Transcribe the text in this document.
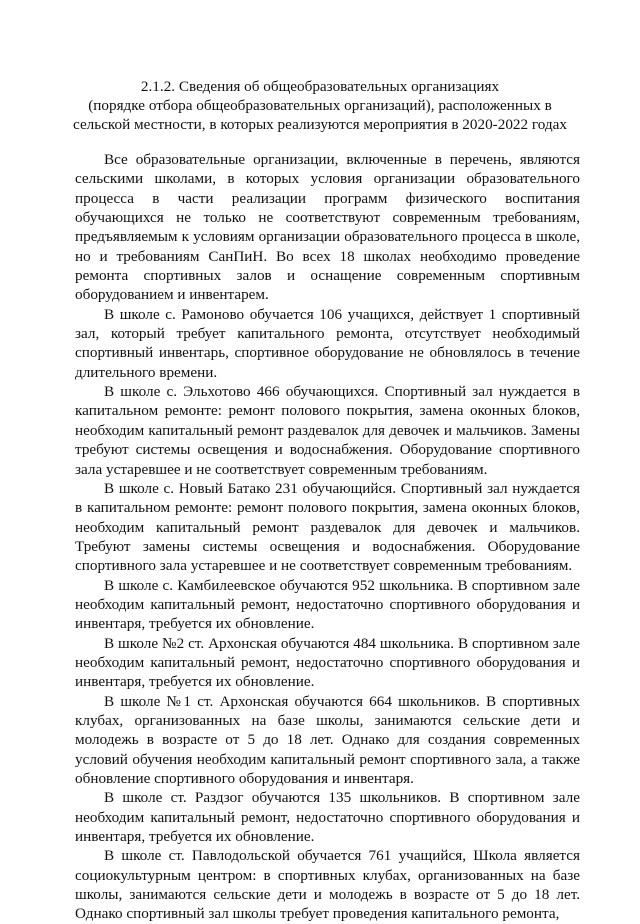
2.1.2. Сведения об общеобразовательных организациях
(порядке отбора общеобразовательных организаций), расположенных в
сельской местности, в которых реализуются мероприятия в 2020-2022 годах

Все образовательные организации, включенные в перечень, являются сельскими школами, в которых условия организации образовательного процесса в части реализации программ физического воспитания обучающихся не только не соответствуют современным требованиям, предъявляемым к условиям организации образовательного процесса в школе, но и требованиям СанПиН. Во всех 18 школах необходимо проведение ремонта спортивных залов и оснащение современным спортивным оборудованием и инвентарем.

В школе с. Рамоново обучается 106 учащихся, действует 1 спортивный зал, который требует капитального ремонта, отсутствует необходимый спортивный инвентарь, спортивное оборудование не обновлялось в течение длительного времени.

В школе с. Эльхотово 466 обучающихся. Спортивный зал нуждается в капитальном ремонте: ремонт полового покрытия, замена оконных блоков, необходим капитальный ремонт раздевалок для девочек и мальчиков. Замены требуют системы освещения и водоснабжения. Оборудование спортивного зала устаревшее и не соответствует современным требованиям.

В школе с. Новый Батако 231 обучающийся. Спортивный зал нуждается в капитальном ремонте: ремонт полового покрытия, замена оконных блоков, необходим капитальный ремонт раздевалок для девочек и мальчиков. Требуют замены системы освещения и водоснабжения. Оборудование спортивного зала устаревшее и не соответствует современным требованиям.

В школе с. Камбилеевское обучаются 952 школьника. В спортивном зале необходим капитальный ремонт, недостаточно спортивного оборудования и инвентаря, требуется их обновление.

В школе №2 ст. Архонская обучаются 484 школьника. В спортивном зале необходим капитальный ремонт, недостаточно спортивного оборудования и инвентаря, требуется их обновление.

В школе №1 ст. Архонская обучаются 664 школьников. В спортивных клубах, организованных на базе школы, занимаются сельские дети и молодежь в возрасте от 5 до 18 лет. Однако для создания современных условий обучения необходим капитальный ремонт спортивного зала, а также обновление спортивного оборудования и инвентаря.

В школе ст. Раздзог обучаются 135 школьников. В спортивном зале необходим капитальный ремонт, недостаточно спортивного оборудования и инвентаря, требуется их обновление.

В школе ст. Павлодольской обучается 761 учащийся, Школа является социокультурным центром: в спортивных клубах, организованных на базе школы, занимаются сельские дети и молодежь в возрасте от 5 до 18 лет. Однако спортивный зал школы требует проведения капитального ремонта,
